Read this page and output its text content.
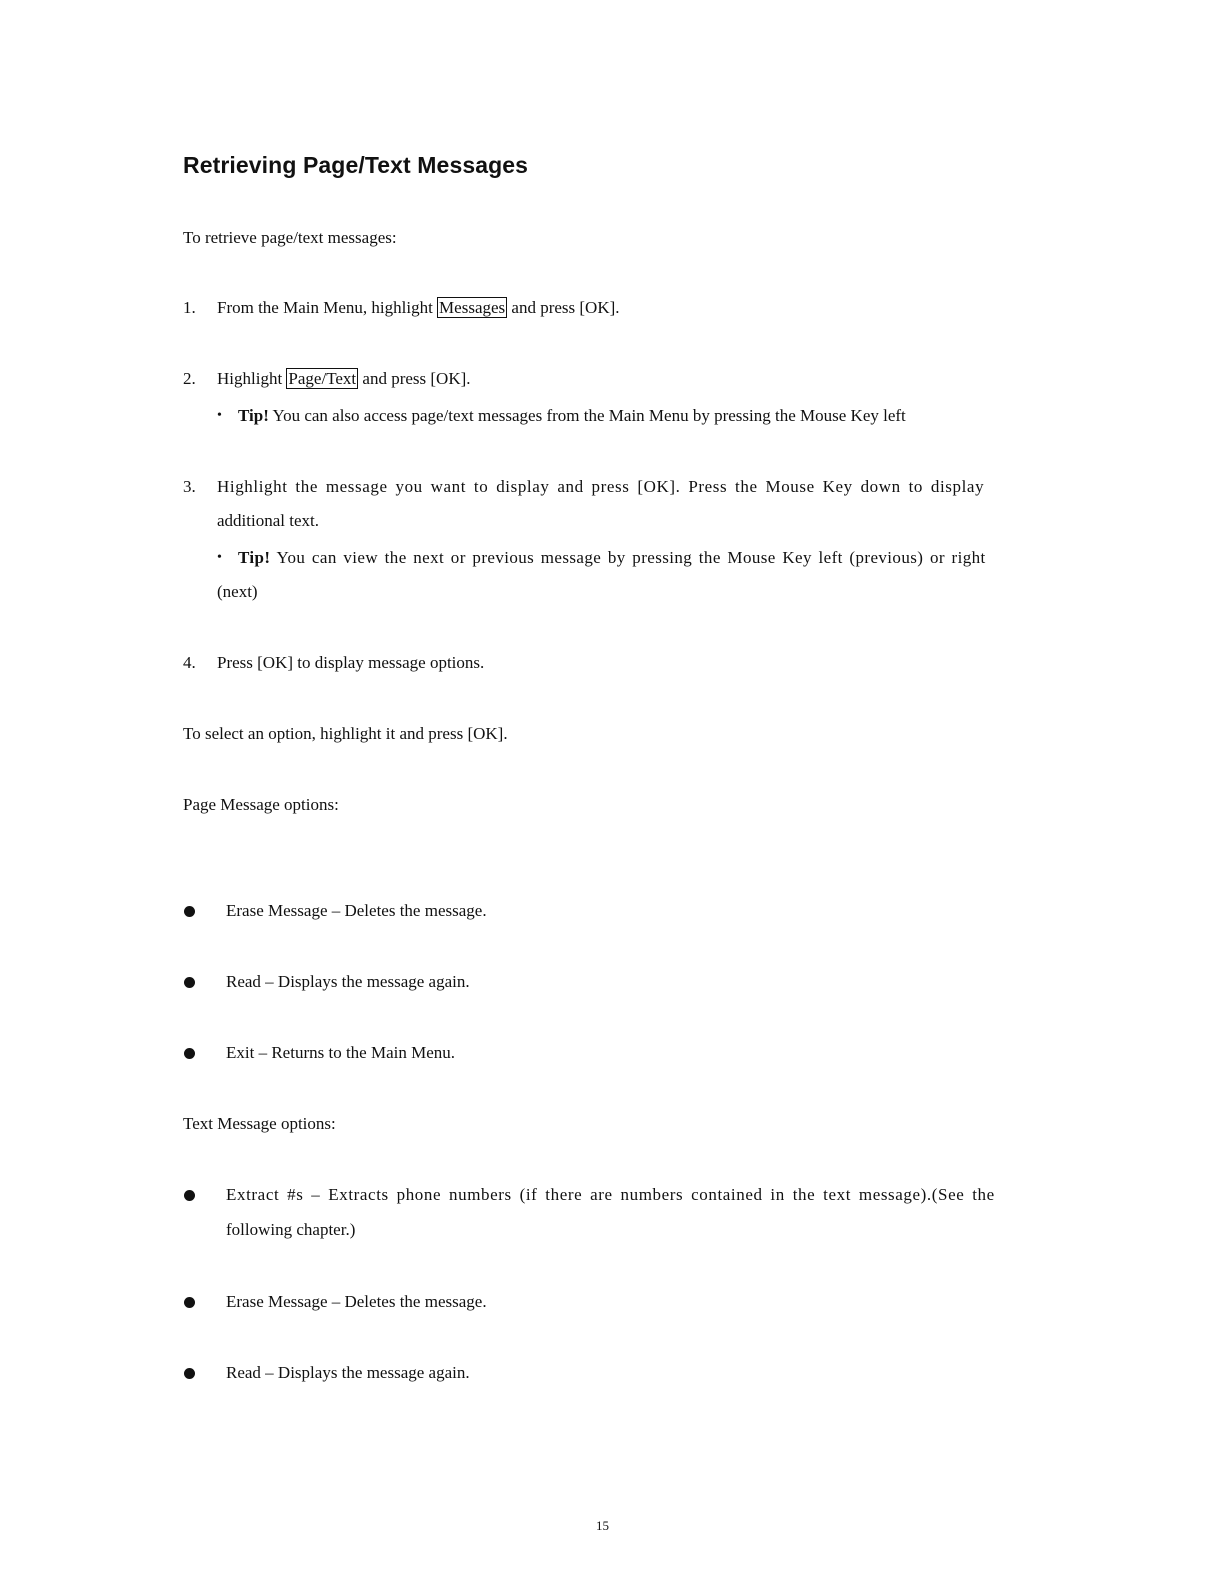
Retrieving Page/Text Messages
To retrieve page/text messages:
1. From the Main Menu, highlight Messages and press [OK].
2. Highlight Page/Text and press [OK].
• Tip! You can also access page/text messages from the Main Menu by pressing the Mouse Key left
3. Highlight the message you want to display and press [OK]. Press the Mouse Key down to display
additional text.
• Tip! You can view the next or previous message by pressing the Mouse Key left (previous) or right
(next)
4. Press [OK] to display message options.
To select an option, highlight it and press [OK].
Page Message options:
Erase Message – Deletes the message.
Read – Displays the message again.
Exit – Returns to the Main Menu.
Text Message options:
Extract #s – Extracts phone numbers (if there are numbers contained in the text message).(See the
following chapter.)
Erase Message – Deletes the message.
Read – Displays the message again.
15
